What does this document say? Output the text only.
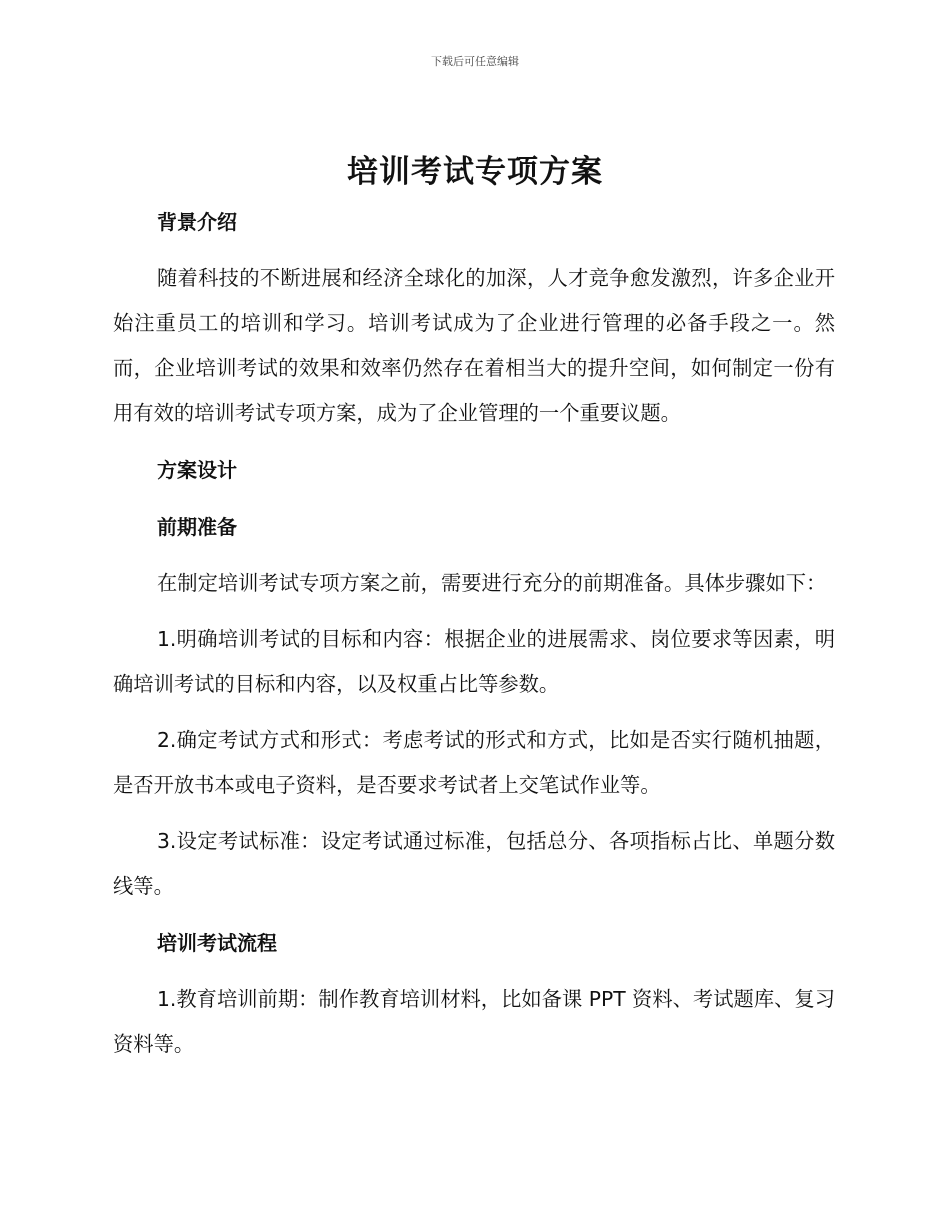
下载后可任意编辑
培训考试专项方案

背景介绍

随着科技的不断进展和经济全球化的加深，人才竞争愈发激烈，许多企业开始注重员工的培训和学习。培训考试成为了企业进行管理的必备手段之一。然而，企业培训考试的效果和效率仍然存在着相当大的提升空间，如何制定一份有用有效的培训考试专项方案，成为了企业管理的一个重要议题。

方案设计

前期准备

在制定培训考试专项方案之前，需要进行充分的前期准备。具体步骤如下：

1.明确培训考试的目标和内容：根据企业的进展需求、岗位要求等因素，明确培训考试的目标和内容，以及权重占比等参数。

2.确定考试方式和形式：考虑考试的形式和方式，比如是否实行随机抽题，是否开放书本或电子资料，是否要求考试者上交笔试作业等。

3.设定考试标准：设定考试通过标准，包括总分、各项指标占比、单题分数线等。

培训考试流程

1.教育培训前期：制作教育培训材料，比如备课 PPT 资料、考试题库、复习资料等。
